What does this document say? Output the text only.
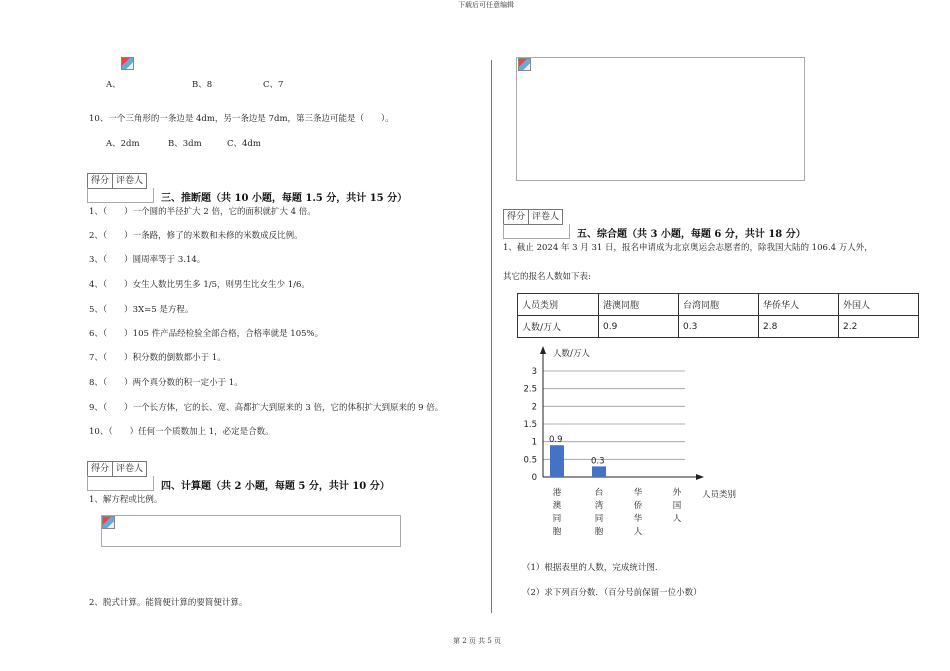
下载后可任意编辑
第 2 页 共 5 页
A、	B、8	C、7
10、一个三角形的一条边是 4dm，另一条边是 7dm，第三条边可能是（　　）。
A、2dm	B、3dm	C、4dm
得分 评卷人
三、推断题（共 10 小题，每题 1.5 分，共计 15 分）
1、（　　）一个圆的半径扩大 2 倍，它的面积就扩大 4 倍。
2、（　　）一条路，修了的米数和未修的米数成反比例。
3、（　　）圆周率等于 3.14。
4、（　　）女生人数比男生多 1/5，则男生比女生少 1/6。
5、（　　）3X=5 是方程。
6、（　　）105 件产品经检验全部合格，合格率就是 105%。
7、（　　）积分数的倒数都小于 1。
8、（　　）两个真分数的积一定小于 1。
9、（　　）一个长方体，它的长、宽、高都扩大到原来的 3 倍，它的体积扩大到原来的 9 倍。
10、（　　）任何一个质数加上 1，必定是合数。
得分 评卷人
四、计算题（共 2 小题，每题 5 分，共计 10 分）
1、解方程或比例。
2、脱式计算。能简便计算的要简便计算。
得分 评卷人
五、综合题（共 3 小题，每题 6 分，共计 18 分）
1、截止 2024 年 3 月 31 日，报名申请成为北京奥运会志愿者的，除我国大陆的 106.4 万人外，
其它的报名人数如下表:
人员类别	港澳同胞	台湾同胞	华侨华人	外国人
人数/万人	0.9	0.3	2.8	2.2
0
0.5
1
1.5
2
2.5
3
人数/万人
人员类别
0.9
港
澳
同
胞
0.3
台
湾
同
胞
华
侨
华
人
外
国
人
（1）根据表里的人数，完成统计图.
（2）求下列百分数．（百分号前保留一位小数）
